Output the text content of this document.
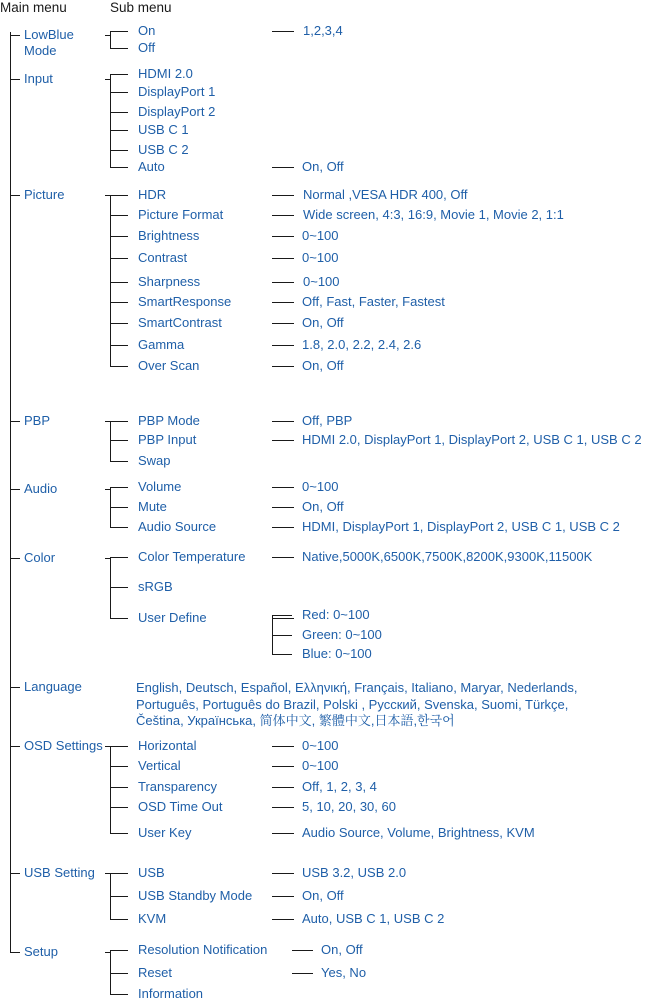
Main menu	Sub menu
LowBlue
Mode
On	1,2,3,4
Off
Input	HDMI 2.0
DisplayPort 1
DisplayPort 2
USB C 1
USB C 2
Auto	On, Off
Picture	HDR	Normal ,VESA HDR 400, Off
Picture Format	Wide screen, 4:3, 16:9, Movie 1, Movie 2, 1:1
Brightness	0~100
Contrast	0~100
Sharpness	0~100
SmartResponse	Off, Fast, Faster, Fastest
SmartContrast	On, Off
Gamma	1.8, 2.0, 2.2, 2.4, 2.6
Over Scan	On, Off
PBP	PBP Mode	Off, PBP
PBP Input	HDMI 2.0, DisplayPort 1, DisplayPort 2, USB C 1, USB C 2
Swap
Audio	Volume	0~100
Mute	On, Off
Audio Source	HDMI, DisplayPort 1, DisplayPort 2, USB C 1, USB C 2
Color	Color Temperature	Native,5000K,6500K,7500K,8200K,9300K,11500K
sRGB
User Define	Red: 0~100
Green: 0~100
Blue: 0~100
Language	English, Deutsch, Español, Ελληνική, Français, Italiano, Maryar, Nederlands, Português, Português do Brazil, Polski , Русский, Svenska, Suomi, Türkçe, Čeština, Українська, 简体中文, 繁體中文,日本語,한국어
OSD Settings	Horizontal	0~100
Vertical	0~100
Transparency	Off, 1, 2, 3, 4
OSD Time Out	5, 10, 20, 30, 60
User Key	Audio Source, Volume, Brightness, KVM
USB Setting	USB	USB 3.2, USB 2.0
USB Standby Mode	On, Off
KVM	Auto, USB C 1, USB C 2
Setup	Resolution Notification	On, Off
Reset	Yes, No
Information
